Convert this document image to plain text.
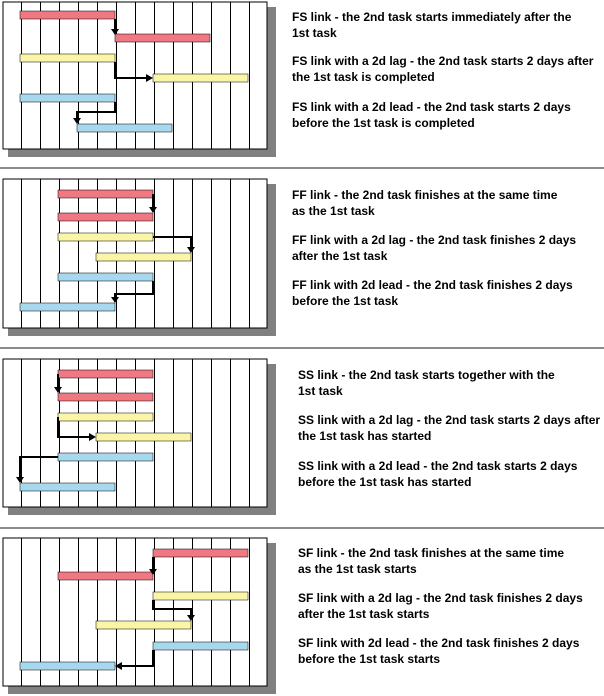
FS link - the 2nd task starts immediately after the 1st task

FS link with a 2d lag - the 2nd task starts 2 days after the 1st task is completed

FS link with a 2d lead - the 2nd task starts 2 days before the 1st task is completed

FF link - the 2nd task finishes at the same time as the 1st task

FF link with a 2d lag - the 2nd task finishes 2 days after the 1st task

FF link with 2d lead - the 2nd task finishes 2 days before the 1st task

SS link - the 2nd task starts together with the 1st task

SS link with a 2d lag - the 2nd task starts 2 days after the 1st task has started

SS link with a 2d lead - the 2nd task starts 2 days before the 1st task has started

SF link - the 2nd task finishes at the same time as the 1st task starts

SF link with a 2d lag - the 2nd task finishes 2 days after the 1st task starts

SF link with 2d lead - the 2nd task finishes 2 days before the 1st task starts
